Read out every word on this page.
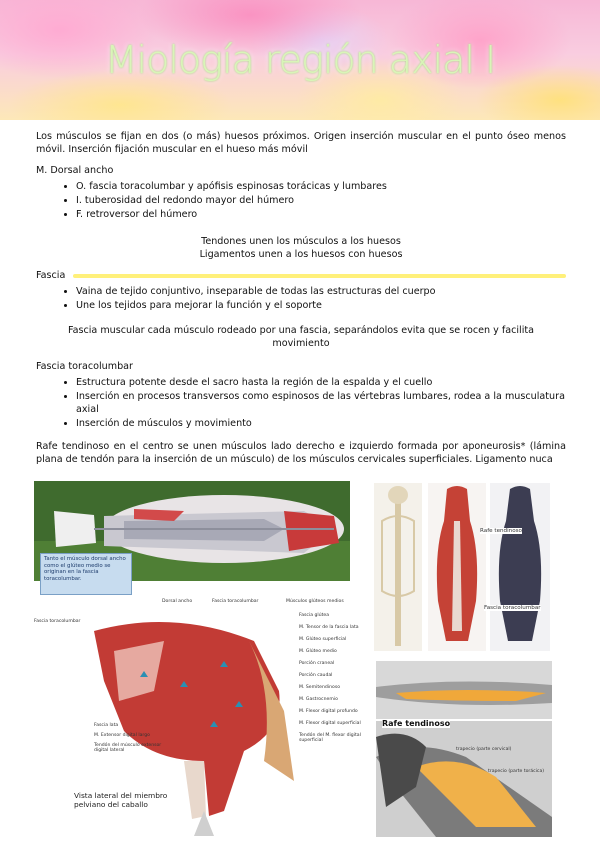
Miología región axial I

Los músculos se fijan en dos (o más) huesos próximos. Origen inserción muscular en el punto óseo menos móvil. Inserción fijación muscular en el hueso más móvil

M. Dorsal ancho

• O. fascia toracolumbar y apófisis espinosas torácicas y lumbares
• I. tuberosidad del redondo mayor del húmero
• F. retroversor del húmero

Tendones unen los músculos a los huesos

Ligamentos unen a los huesos con huesos

Fascia
• Vaina de tejido conjuntivo, inseparable de todas las estructuras del cuerpo
• Une los tejidos para mejorar la función y el soporte

Fascia muscular cada músculo rodeado por una fascia, separándolos evita que se rocen y facilita movimiento

Fascia toracolumbar

• Estructura potente desde el sacro hasta la región de la espalda y el cuello
• Inserción en procesos transversos como espinosos de las vértebras lumbares, rodea a la musculatura axial
• Inserción de músculos y movimiento

Rafe tendinoso en el centro se unen músculos lado derecho e izquierdo formada por aponeurosis* (lámina plana de tendón para la inserción de un músculo) de los músculos cervicales superficiales. Ligamento nuca

Tanto el músculo dorsal ancho como el glúteo medio se originan en la fascia toracolumbar.
Dorsal ancho	Fascia toracolumbar	Músculos glúteos medios
Rafe tendinoso
Fascia toracolumbar
Fascia toracolumbar
Fascia glútea
M. Tensor de la fascia lata
M. Glúteo superficial
M. Glúteo medio
Porción craneal
Porción caudal
M. Semitendinoso
M. Gastrocnemio
M. Flexor digital profundo
M. Flexor digital superficial
Fascia lata
M. Extensor digital largo
Tendón del músculo extensor digital lateral
Tendón del M. flexor digital superficial
Vista lateral del miembro pelviano del caballo
Rafe tendinoso
trapecio (parte cervical)
trapecio (parte torácica)
